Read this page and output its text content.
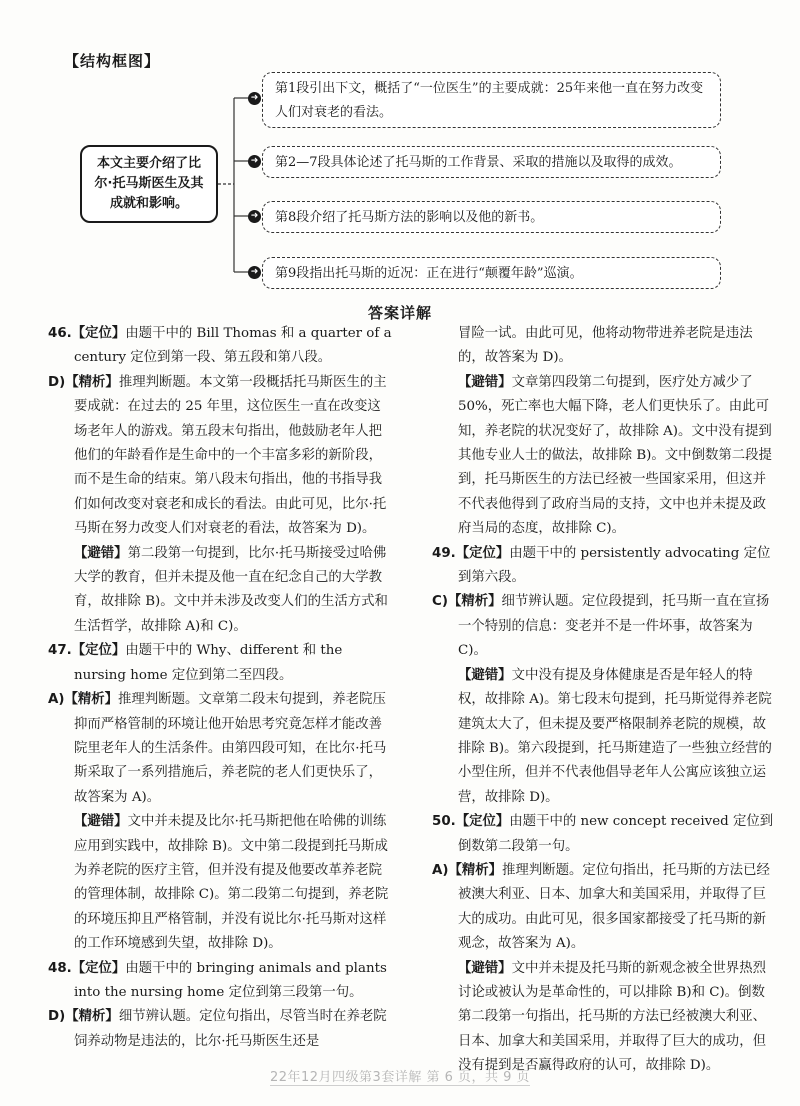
【结构框图】
➜
➜
➜
➜
本文主要介绍了比尔·托马斯医生及其成就和影响。
第1段引出下文，概括了“一位医生”的主要成就：25年来他一直在努力改变人们对衰老的看法。
第2—7段具体论述了托马斯的工作背景、采取的措施以及取得的成效。
第8段介绍了托马斯方法的影响以及他的新书。
第9段指出托马斯的近况：正在进行“颠覆年龄”巡演。
答案详解

46.【定位】由题干中的 Bill Thomas 和 a quarter of a century 定位到第一段、第五段和第八段。

D)【精析】推理判断题。本文第一段概括托马斯医生的主要成就：在过去的 25 年里，这位医生一直在改变这场老年人的游戏。第五段末句指出，他鼓励老年人把他们的年龄看作是生命中的一个丰富多彩的新阶段，而不是生命的结束。第八段末句指出，他的书指导我们如何改变对衰老和成长的看法。由此可见，比尔·托马斯在努力改变人们对衰老的看法，故答案为 D)。

【避错】第二段第一句提到，比尔·托马斯接受过哈佛大学的教育，但并未提及他一直在纪念自己的大学教育，故排除 B)。文中并未涉及改变人们的生活方式和生活哲学，故排除 A)和 C)。

47.【定位】由题干中的 Why、different 和 the nursing home 定位到第二至四段。

A)【精析】推理判断题。文章第二段末句提到，养老院压抑而严格管制的环境让他开始思考究竟怎样才能改善院里老年人的生活条件。由第四段可知，在比尔·托马斯采取了一系列措施后，养老院的老人们更快乐了，故答案为 A)。

【避错】文中并未提及比尔·托马斯把他在哈佛的训练应用到实践中，故排除 B)。文中第二段提到托马斯成为养老院的医疗主管，但并没有提及他要改革养老院的管理体制，故排除 C)。第二段第二句提到，养老院的环境压抑且严格管制，并没有说比尔·托马斯对这样的工作环境感到失望，故排除 D)。

48.【定位】由题干中的 bringing animals and plants into the nursing home 定位到第三段第一句。

D)【精析】细节辨认题。定位句指出，尽管当时在养老院饲养动物是违法的，比尔·托马斯医生还是

冒险一试。由此可见，他将动物带进养老院是违法的，故答案为 D)。

【避错】文章第四段第二句提到，医疗处方减少了 50%，死亡率也大幅下降，老人们更快乐了。由此可知，养老院的状况变好了，故排除 A)。文中没有提到其他专业人士的做法，故排除 B)。文中倒数第二段提到，托马斯医生的方法已经被一些国家采用，但这并不代表他得到了政府当局的支持，文中也并未提及政府当局的态度，故排除 C)。

49.【定位】由题干中的 persistently advocating 定位到第六段。

C)【精析】细节辨认题。定位段提到，托马斯一直在宣扬一个特别的信息：变老并不是一件坏事，故答案为 C)。

【避错】文中没有提及身体健康是否是年轻人的特权，故排除 A)。第七段末句提到，托马斯觉得养老院建筑太大了，但未提及要严格限制养老院的规模，故排除 B)。第六段提到，托马斯建造了一些独立经营的小型住所，但并不代表他倡导老年人公寓应该独立运营，故排除 D)。

50.【定位】由题干中的 new concept received 定位到倒数第二段第一句。

A)【精析】推理判断题。定位句指出，托马斯的方法已经被澳大利亚、日本、加拿大和美国采用，并取得了巨大的成功。由此可见，很多国家都接受了托马斯的新观念，故答案为 A)。

【避错】文中并未提及托马斯的新观念被全世界热烈讨论或被认为是革命性的，可以排除 B)和 C)。倒数第二段第一句指出，托马斯的方法已经被澳大利亚、日本、加拿大和美国采用，并取得了巨大的成功，但没有提到是否赢得政府的认可，故排除 D)。

22年12月四级第3套详解 第 6 页，共 9 页
